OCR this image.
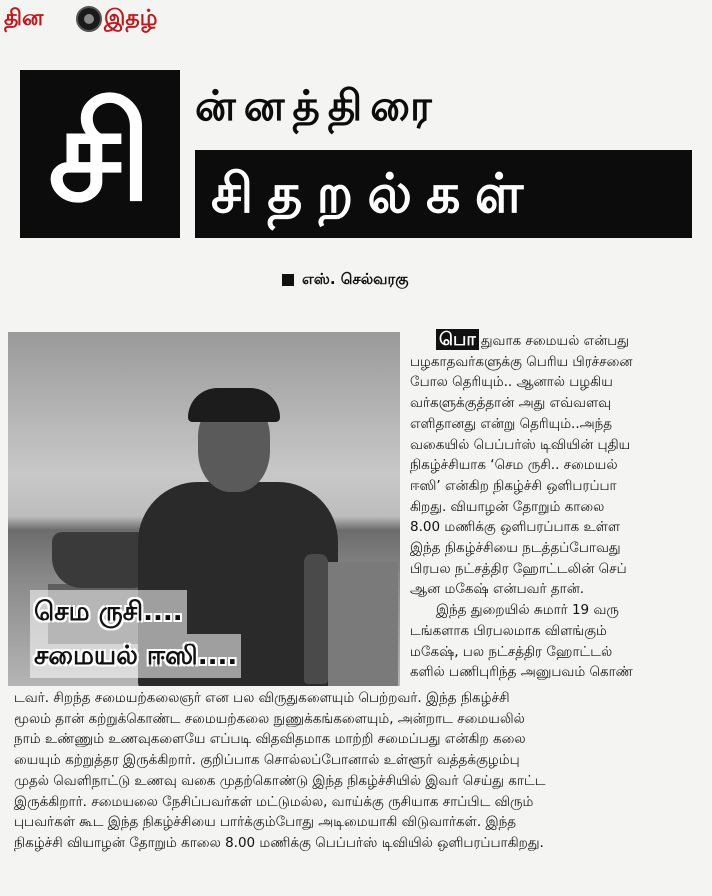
தின	இதழ்
சி	ன்னத்திரை
சிதறல்கள்
எஸ். செல்வரகு
செம ருசி....
சமையல் ஈஸி....
பொ துவாக சமையல் என்பது
பழகாதவர்களுக்கு பெரிய பிரச்சனை
போல தெரியும்.. ஆனால் பழகிய
வர்களுக்குத்தான் அது எவ்வளவு
எளிதானது என்று தெரியும்..அந்த
வகையில் பெப்பர்ஸ் டிவியின் புதிய
நிகழ்ச்சியாக ‘செம ருசி.. சமையல்
ஈஸி’ என்கிற நிகழ்ச்சி ஒளிபரப்பா
கிறது. வியாழன் தோறும் காலை
8.00 மணிக்கு ஒளிபரப்பாக உள்ள
இந்த நிகழ்ச்சியை நடத்தப்போவது
பிரபல நட்சத்திர ஹோட்டலின் செப்
ஆன மகேஷ் என்பவர் தான்.
இந்த துறையில் சுமார் 19 வரு
டங்களாக பிரபலமாக விளங்கும்
மகேஷ், பல நட்சத்திர ஹோட்டல்
களில் பணிபுரிந்த அனுபவம் கொண்
டவர். சிறந்த சமையற்கலைஞர் என பல விருதுகளையும் பெற்றவர். இந்த நிகழ்ச்சி
மூலம் தான் கற்றுக்கொண்ட சமையற்கலை நுணுக்கங்களையும், அன்றாட சமையலில்
நாம் உண்ணும் உணவுகளையே எப்படி விதவிதமாக மாற்றி சமைப்பது என்கிற கலை
யையும் கற்றுத்தர இருக்கிறார். குறிப்பாக சொல்லப்போனால் உள்ளூர் வத்தக்குழம்பு
முதல் வெளிநாட்டு உணவு வகை முதற்கொண்டு இந்த நிகழ்ச்சியில் இவர் செய்து காட்ட
இருக்கிறார். சமையலை நேசிப்பவர்கள் மட்டுமல்ல, வாய்க்கு ருசியாக சாப்பிட விரும்
புபவர்கள் கூட இந்த நிகழ்ச்சியை பார்க்கும்போது அடிமையாகி விடுவார்கள். இந்த
நிகழ்ச்சி வியாழன் தோறும் காலை 8.00 மணிக்கு பெப்பர்ஸ் டிவியில் ஒளிபரப்பாகிறது.
